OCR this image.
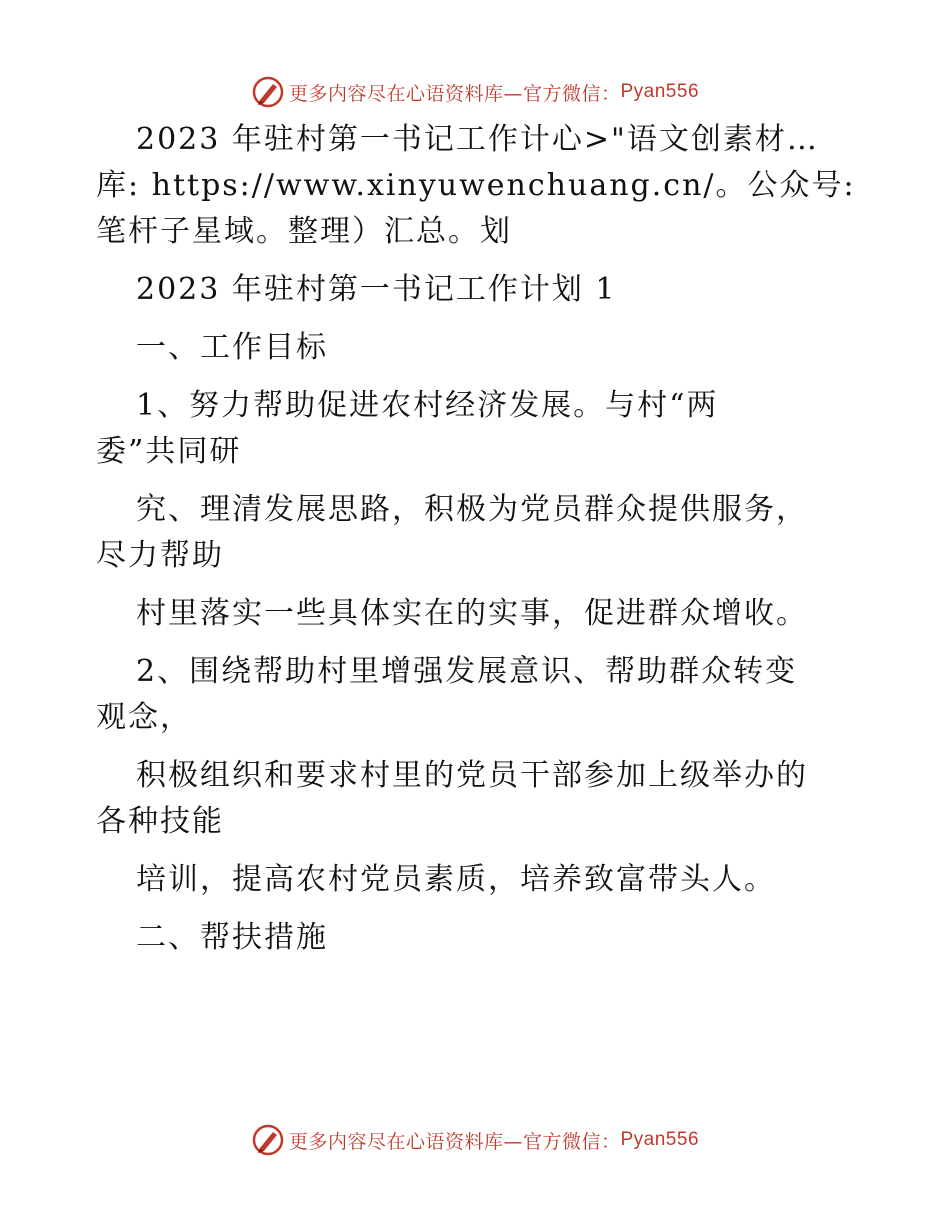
更多内容尽在心语资料库—官方微信： Pyan556

2023 年驻村第一书记工作计心>"语文创素材…

库: https://www.xinyuwenchuang.cn/。公众号:

笔杆子星域。整理）汇总。划

2023 年驻村第一书记工作计划 1

一、工作目标

1、努力帮助促进农村经济发展。与村“两

委”共同研

究、理清发展思路，积极为党员群众提供服务，

尽力帮助

村里落实一些具体实在的实事，促进群众增收。

2、围绕帮助村里增强发展意识、帮助群众转变

观念，

积极组织和要求村里的党员干部参加上级举办的

各种技能

培训，提高农村党员素质，培养致富带头人。

二、帮扶措施

更多内容尽在心语资料库—官方微信： Pyan556
